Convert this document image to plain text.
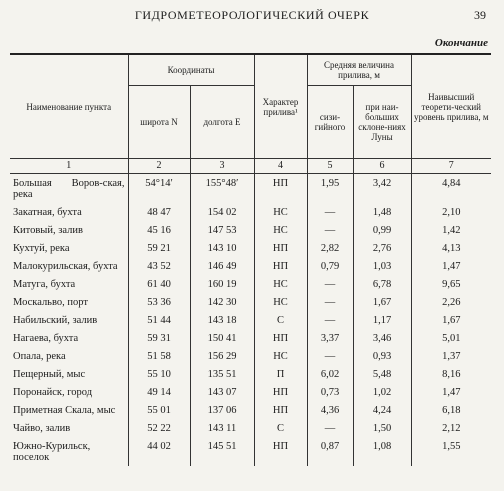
ГИДРОМЕТЕОРОЛОГИЧЕСКИЙ ОЧЕРК	39
Окончание
Наименование пункта	Координаты		Характер прилива¹	Средняя величина прилива, м		Наивысший теорети-ческий уровень прилива, м
	широта N	долгота E		сизи-гийного	при наи-больших склоне-ниях Луны	
1	2	3	4	5	6	7
Большая Воров-ская, река	54°14′	155°48′	НП	1,95	3,42	4,84
Закатная, бухта	48 47	154 02	НС	—	1,48	2,10
Китовый, залив	45 16	147 53	НС	—	0,99	1,42
Кухтуй, река	59 21	143 10	НП	2,82	2,76	4,13
Малокурильская, бухта	43 52	146 49	НП	0,79	1,03	1,47
Матуга, бухта	61 40	160 19	НС	—	6,78	9,65
Москальво, порт	53 36	142 30	НС	—	1,67	2,26
Набильский, залив	51 44	143 18	С	—	1,17	1,67
Нагаева, бухта	59 31	150 41	НП	3,37	3,46	5,01
Опала, река	51 58	156 29	НС	—	0,93	1,37
Пещерный, мыс	55 10	135 51	П	6,02	5,48	8,16
Поронайск, город	49 14	143 07	НП	0,73	1,02	1,47
Приметная Скала, мыс	55 01	137 06	НП	4,36	4,24	6,18
Чайво, залив	52 22	143 11	С	—	1,50	2,12
Южно-Курильск, поселок	44 02	145 51	НП	0,87	1,08	1,55
